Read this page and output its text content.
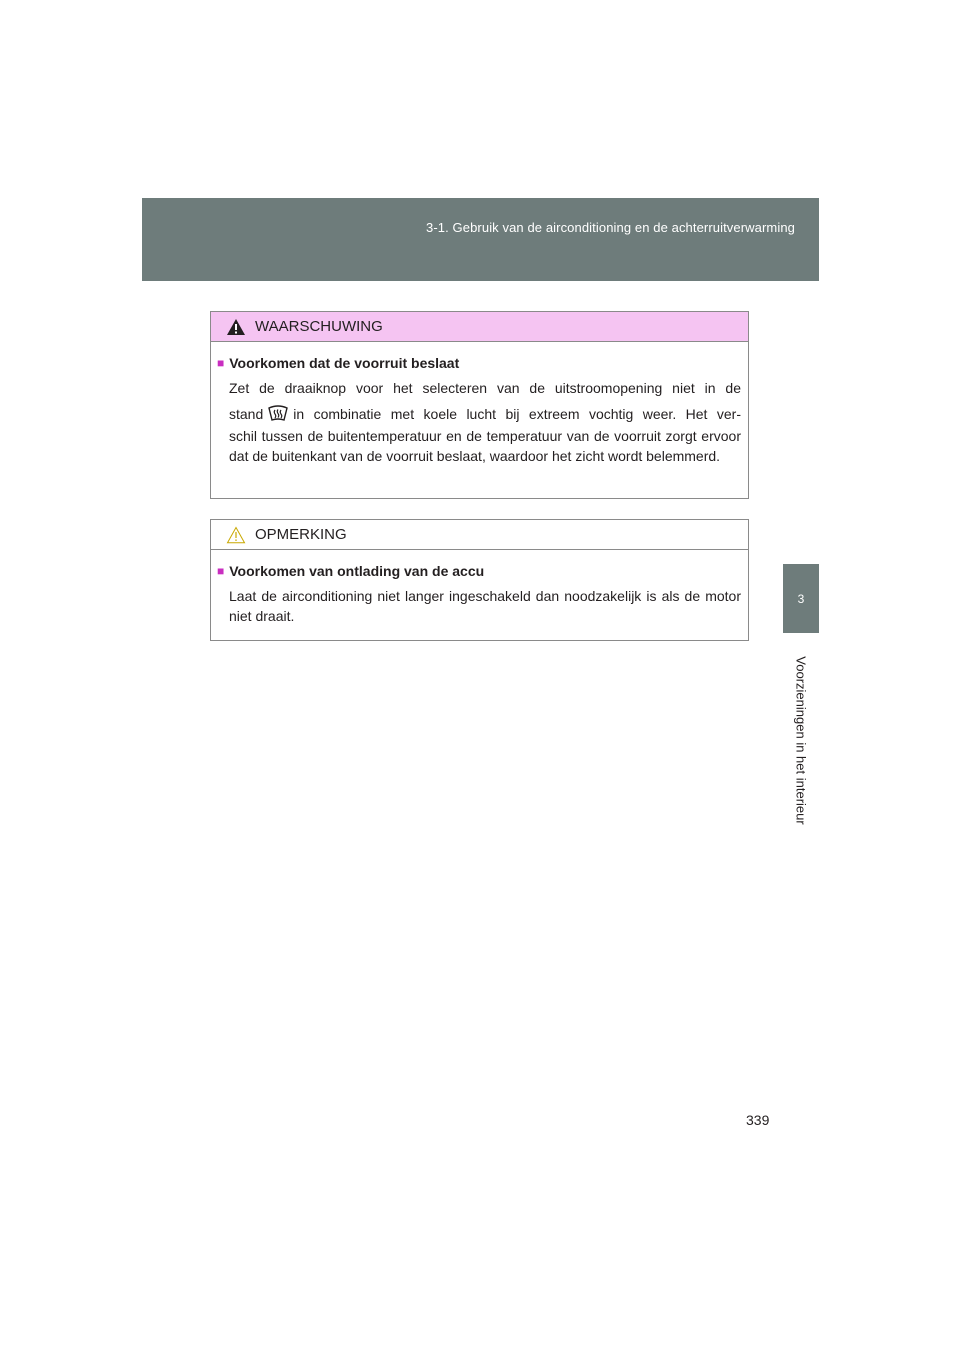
3-1. Gebruik van de airconditioning en de achterruitverwarming
3
Voorzieningen in het interieur
WAARSCHUWING

■ Voorkomen dat de voorruit beslaat

Zet de draaiknop voor het selecteren van de uitstroomopening niet in de
stand in combinatie met koele lucht bij extreem vochtig weer. Het ver-
schil tussen de buitentemperatuur en de temperatuur van de voorruit zorgt ervoor dat de buitenkant van de voorruit beslaat, waardoor het zicht wordt belemmerd.

OPMERKING

■ Voorkomen van ontlading van de accu

Laat de airconditioning niet langer ingeschakeld dan noodzakelijk is als de motor niet draait.

339
